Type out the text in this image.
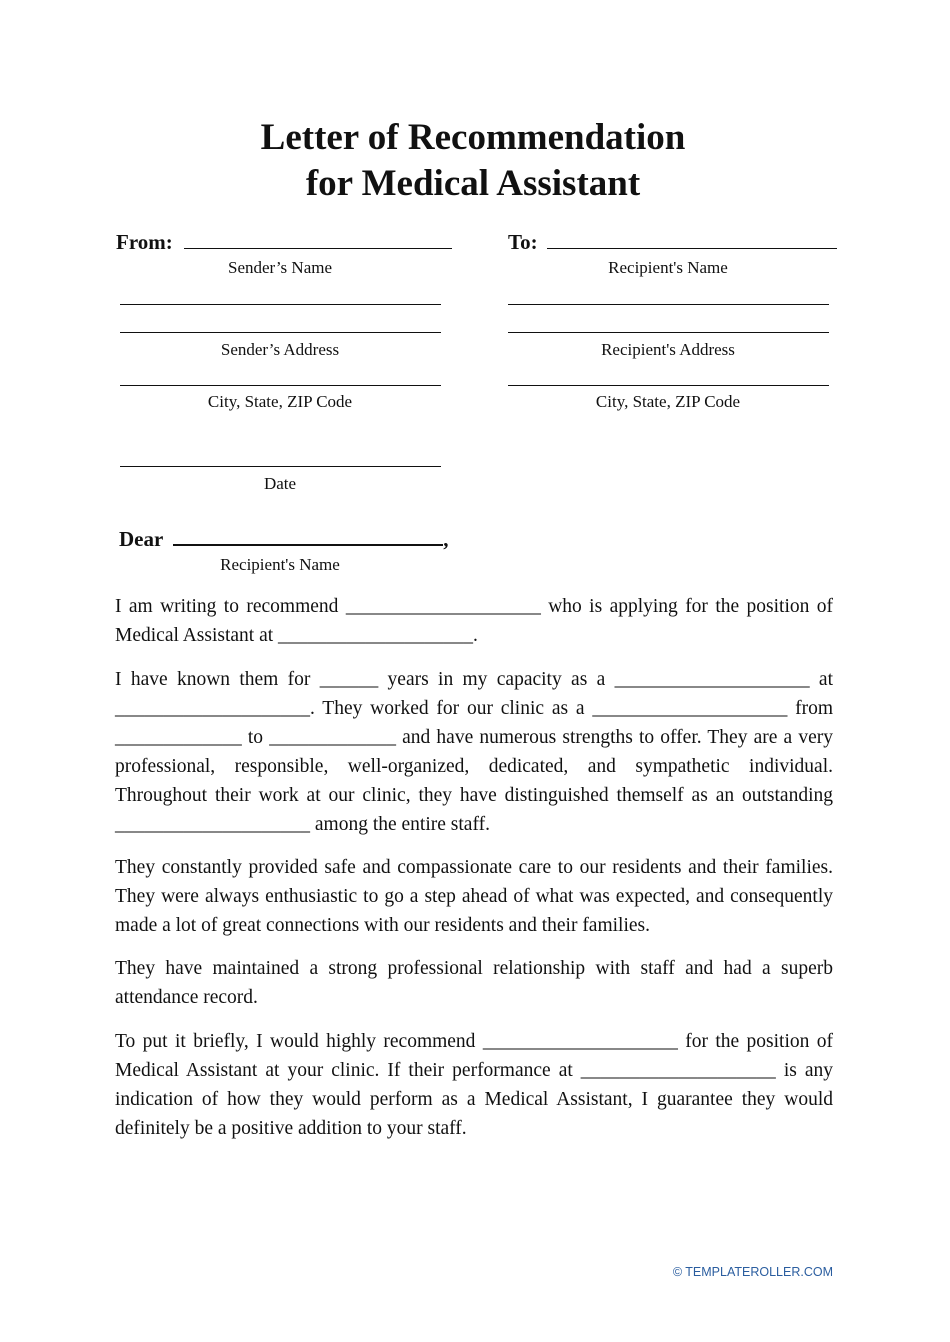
Letter of Recommendation
for Medical Assistant
From:
Sender’s Name
Sender’s Address
City, State, ZIP Code
Date
To:
Recipient's Name
Recipient's Address
City, State, ZIP Code
Dear	,
Recipient's Name
I am writing to recommend ____________________ who is applying for the position of Medical Assistant at ____________________.
I have known them for ______ years in my capacity as a ____________________ at ____________________. They worked for our clinic as a ____________________ from _____________ to _____________ and have numerous strengths to offer. They are a very professional, responsible, well-organized, dedicated, and sympathetic individual. Throughout their work at our clinic, they have distinguished themself as an outstanding ____________________ among the entire staff.
They constantly provided safe and compassionate care to our residents and their families. They were always enthusiastic to go a step ahead of what was expected, and consequently made a lot of great connections with our residents and their families.
They have maintained a strong professional relationship with staff and had a superb attendance record.
To put it briefly, I would highly recommend ____________________ for the position of Medical Assistant at your clinic. If their performance at ____________________ is any indication of how they would perform as a Medical Assistant, I guarantee they would definitely be a positive addition to your staff.
© TEMPLATEROLLER.COM
